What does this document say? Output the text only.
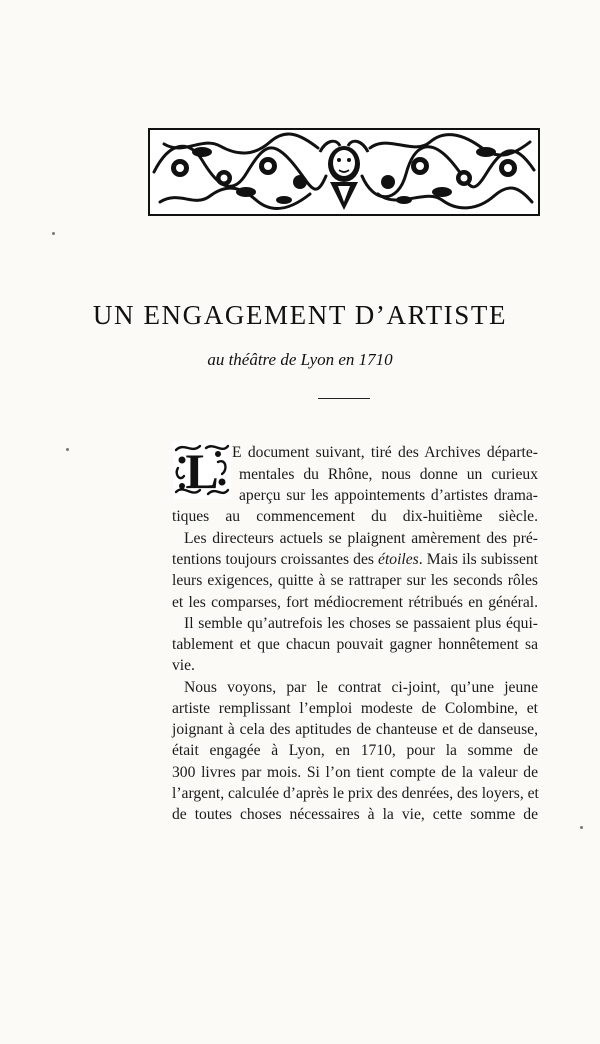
UN ENGAGEMENT D’ARTISTE

au théâtre de Lyon en 1710

L E document suivant, tiré des Archives départe-

mentales du Rhône, nous donne un curieux

aperçu sur les appointements d’artistes drama-

tiques au commencement du dix-huitième siècle.

Les directeurs actuels se plaignent amèrement des pré-

tentions toujours croissantes des étoiles. Mais ils subissent

leurs exigences, quitte à se rattraper sur les seconds rôles

et les comparses, fort médiocrement rétribués en général.

Il semble qu’autrefois les choses se passaient plus équi-

tablement et que chacun pouvait gagner honnêtement sa

vie.

Nous voyons, par le contrat ci-joint, qu’une jeune

artiste remplissant l’emploi modeste de Colombine, et

joignant à cela des aptitudes de chanteuse et de danseuse,

était engagée à Lyon, en 1710, pour la somme de

300 livres par mois. Si l’on tient compte de la valeur de

l’argent, calculée d’après le prix des denrées, des loyers, et

de toutes choses nécessaires à la vie, cette somme de
